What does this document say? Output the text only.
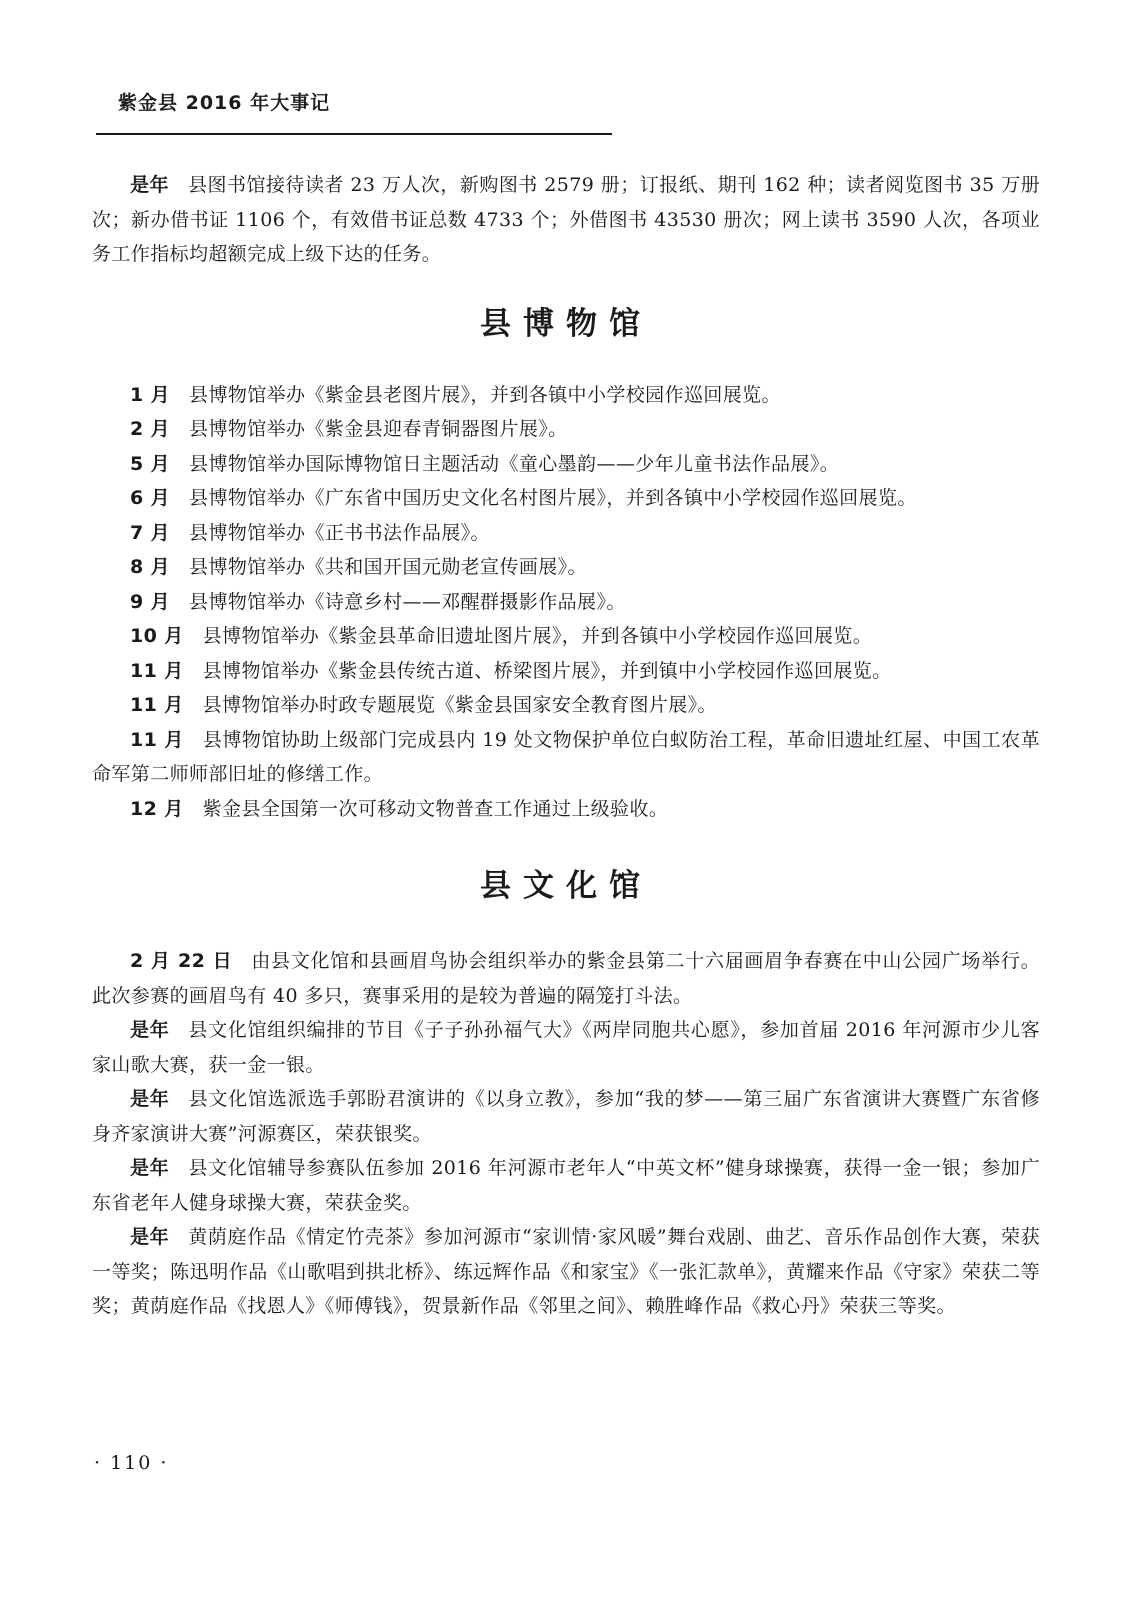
紫金县 2016 年大事记

是年 县图书馆接待读者 23 万人次，新购图书 2579 册；订报纸、期刊 162 种；读者阅览图书 35 万册次；新办借书证 1106 个，有效借书证总数 4733 个；外借图书 43530 册次；网上读书 3590 人次，各项业务工作指标均超额完成上级下达的任务。

县博物馆

1 月 县博物馆举办《紫金县老图片展》，并到各镇中小学校园作巡回展览。

2 月 县博物馆举办《紫金县迎春青铜器图片展》。

5 月 县博物馆举办国际博物馆日主题活动《童心墨韵——少年儿童书法作品展》。

6 月 县博物馆举办《广东省中国历史文化名村图片展》，并到各镇中小学校园作巡回展览。

7 月 县博物馆举办《正书书法作品展》。

8 月 县博物馆举办《共和国开国元勋老宣传画展》。

9 月 县博物馆举办《诗意乡村——邓醒群摄影作品展》。

10 月 县博物馆举办《紫金县革命旧遗址图片展》，并到各镇中小学校园作巡回展览。

11 月 县博物馆举办《紫金县传统古道、桥梁图片展》，并到镇中小学校园作巡回展览。

11 月 县博物馆举办时政专题展览《紫金县国家安全教育图片展》。

11 月 县博物馆协助上级部门完成县内 19 处文物保护单位白蚁防治工程，革命旧遗址红屋、中国工农革命军第二师师部旧址的修缮工作。

12 月 紫金县全国第一次可移动文物普查工作通过上级验收。

县文化馆

2 月 22 日 由县文化馆和县画眉鸟协会组织举办的紫金县第二十六届画眉争春赛在中山公园广场举行。此次参赛的画眉鸟有 40 多只，赛事采用的是较为普遍的隔笼打斗法。

是年 县文化馆组织编排的节目《子子孙孙福气大》《两岸同胞共心愿》，参加首届 2016 年河源市少儿客家山歌大赛，获一金一银。

是年 县文化馆选派选手郭盼君演讲的《以身立教》，参加“我的梦——第三届广东省演讲大赛暨广东省修身齐家演讲大赛”河源赛区，荣获银奖。

是年 县文化馆辅导参赛队伍参加 2016 年河源市老年人“中英文杯”健身球操赛，获得一金一银；参加广东省老年人健身球操大赛，荣获金奖。

是年 黄荫庭作品《情定竹壳茶》参加河源市“家训情·家风暖”舞台戏剧、曲艺、音乐作品创作大赛，荣获一等奖；陈迅明作品《山歌唱到拱北桥》、练远辉作品《和家宝》《一张汇款单》，黄耀来作品《守家》荣获二等奖；黄荫庭作品《找恩人》《师傅钱》，贺景新作品《邻里之间》、赖胜峰作品《救心丹》荣获三等奖。

· 110 ·
